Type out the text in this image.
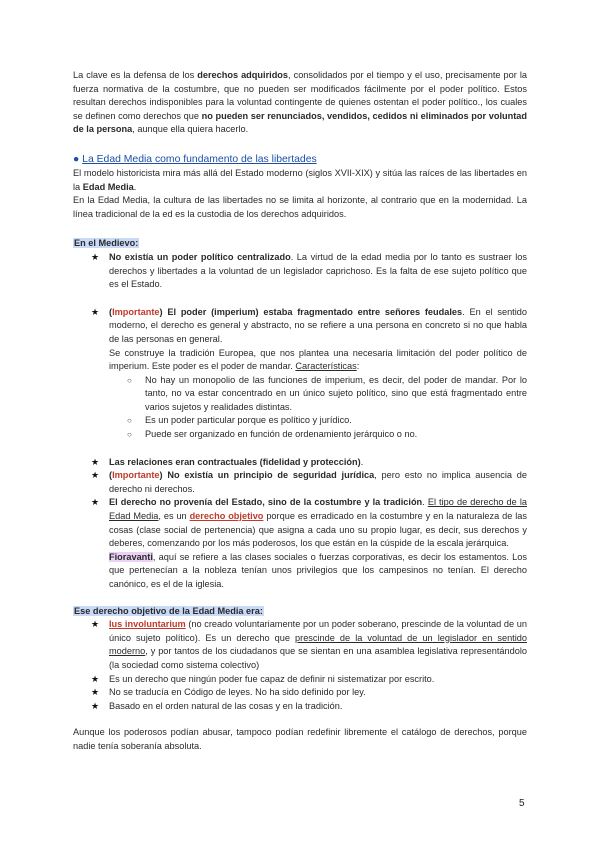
La clave es la defensa de los derechos adquiridos, consolidados por el tiempo y el uso, precisamente por la fuerza normativa de la costumbre, que no pueden ser modificados fácilmente por el poder político. Estos resultan derechos indisponibles para la voluntad contingente de quienes ostentan el poder político., los cuales se definen como derechos que no pueden ser renunciados, vendidos, cedidos ni eliminados por voluntad de la persona, aunque ella quiera hacerlo.

● La Edad Media como fundamento de las libertades

El modelo historicista mira más allá del Estado moderno (siglos XVII-XIX) y sitúa las raíces de las libertades en la Edad Media.

En la Edad Media, la cultura de las libertades no se limita al horizonte, al contrario que en la modernidad. La línea tradicional de la ed es la custodia de los derechos adquiridos.

En el Medievo:

★ No existía un poder político centralizado. La virtud de la edad media por lo tanto es sustraer los derechos y libertades a la voluntad de un legislador caprichoso. Es la falta de ese sujeto político que es el Estado.
★ (Importante) El poder (imperium) estaba fragmentado entre señores feudales. En el sentido moderno, el derecho es general y abstracto, no se refiere a una persona en concreto si no que habla de las personas en general.
Se construye la tradición Europea, que nos plantea una necesaria limitación del poder político de imperium. Este poder es el poder de mandar. Características:
○ No hay un monopolio de las funciones de imperium, es decir, del poder de mandar. Por lo tanto, no va estar concentrado en un único sujeto político, sino que está fragmentado entre varios sujetos y realidades distintas.
○ Es un poder particular porque es político y jurídico.
○ Puede ser organizado en función de ordenamiento jerárquico o no.
★ Las relaciones eran contractuales (fidelidad y protección).
★ (Importante) No existía un principio de seguridad jurídica, pero esto no implica ausencia de derecho ni derechos.
★ El derecho no provenía del Estado, sino de la costumbre y la tradición. El tipo de derecho de la Edad Media, es un derecho objetivo porque es erradicado en la costumbre y en la naturaleza de las cosas (clase social de pertenencia) que asigna a cada uno su propio lugar, es decir, sus derechos y deberes, comenzando por los más poderosos, los que están en la cúspide de la escala jerárquica.
Fioravanti, aquí se refiere a las clases sociales o fuerzas corporativas, es decir los estamentos. Los que pertenecían a la nobleza tenían unos privilegios que los campesinos no tenían. El derecho canónico, es el de la iglesia.

Ese derecho objetivo de la Edad Media era:

★ Ius involuntarium (no creado voluntariamente por un poder soberano, prescinde de la voluntad de un único sujeto político). Es un derecho que prescinde de la voluntad de un legislador en sentido moderno, y por tantos de los ciudadanos que se sientan en una asamblea legislativa representándolo (la sociedad como sistema colectivo)
★ Es un derecho que ningún poder fue capaz de definir ni sistematizar por escrito.
★ No se traducía en Código de leyes. No ha sido definido por ley.
★ Basado en el orden natural de las cosas y en la tradición.

Aunque los poderosos podían abusar, tampoco podían redefinir libremente el catálogo de derechos, porque nadie tenía soberanía absoluta.

5
